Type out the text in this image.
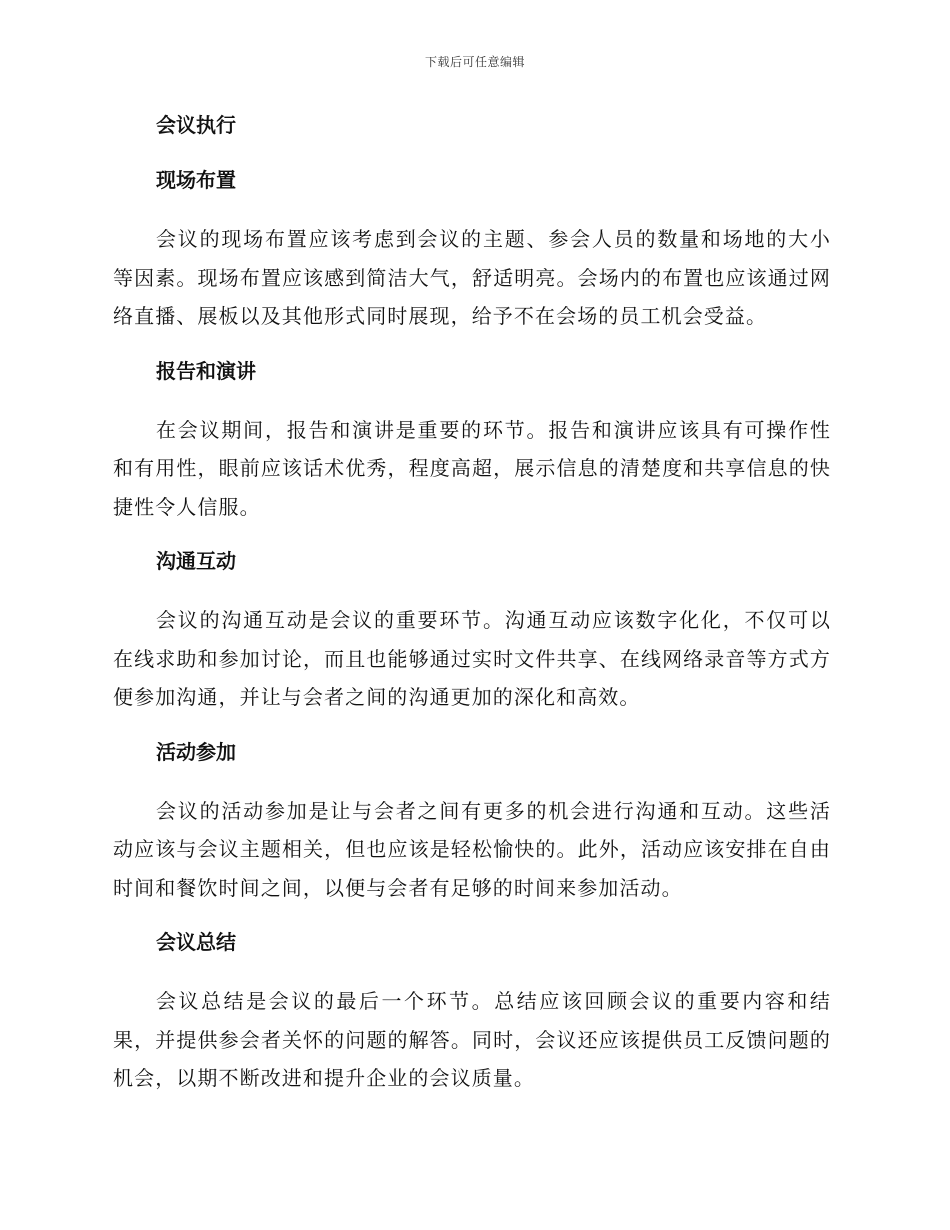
下载后可任意编辑
会议执行
现场布置

会议的现场布置应该考虑到会议的主题、参会人员的数量和场地的大小等因素。现场布置应该感到简洁大气，舒适明亮。会场内的布置也应该通过网络直播、展板以及其他形式同时展现，给予不在会场的员工机会受益。

报告和演讲

在会议期间，报告和演讲是重要的环节。报告和演讲应该具有可操作性和有用性，眼前应该话术优秀，程度高超，展示信息的清楚度和共享信息的快捷性令人信服。

沟通互动

会议的沟通互动是会议的重要环节。沟通互动应该数字化化，不仅可以在线求助和参加讨论，而且也能够通过实时文件共享、在线网络录音等方式方便参加沟通，并让与会者之间的沟通更加的深化和高效。

活动参加

会议的活动参加是让与会者之间有更多的机会进行沟通和互动。这些活动应该与会议主题相关，但也应该是轻松愉快的。此外，活动应该安排在自由时间和餐饮时间之间，以便与会者有足够的时间来参加活动。

会议总结

会议总结是会议的最后一个环节。总结应该回顾会议的重要内容和结果，并提供参会者关怀的问题的解答。同时，会议还应该提供员工反馈问题的机会，以期不断改进和提升企业的会议质量。
